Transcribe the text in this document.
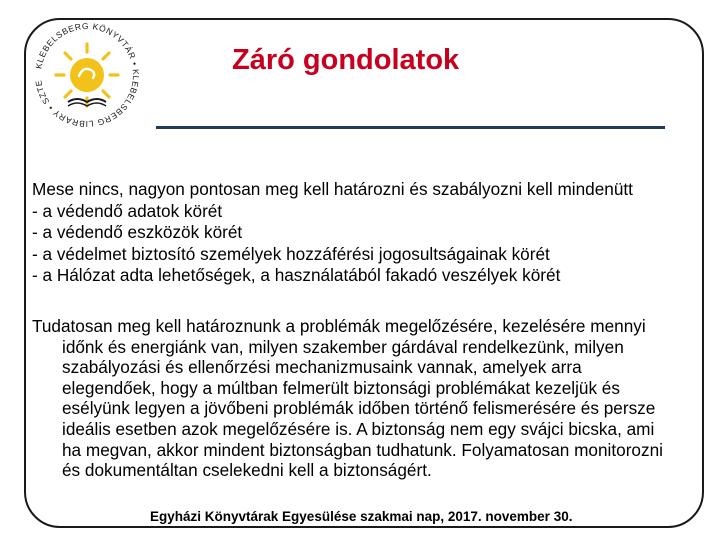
KLEBELSBERG KÖNYVTÁR • KLEBELSBERG LIBRARY • SZTE
Záró gondolatok
Mese nincs, nagyon pontosan meg kell határozni és szabályozni kell mindenütt
- a védendő adatok körét
- a védendő eszközök körét
- a védelmet biztosító személyek hozzáférési jogosultságainak körét
- a Hálózat adta lehetőségek, a használatából fakadó veszélyek körét
Tudatosan meg kell határoznunk a problémák megelőzésére, kezelésére mennyi
időnk és energiánk van, milyen szakember gárdával rendelkezünk, milyen
szabályozási és ellenőrzési mechanizmusaink vannak, amelyek arra
elegendőek, hogy a múltban felmerült biztonsági problémákat kezeljük és
esélyünk legyen a jövőbeni problémák időben történő felismerésére és persze
ideális esetben azok megelőzésére is. A biztonság nem egy svájci bicska, ami
ha megvan, akkor mindent biztonságban tudhatunk. Folyamatosan monitorozni
és dokumentáltan cselekedni kell a biztonságért.
Egyházi Könyvtárak Egyesülése szakmai nap, 2017. november 30.
